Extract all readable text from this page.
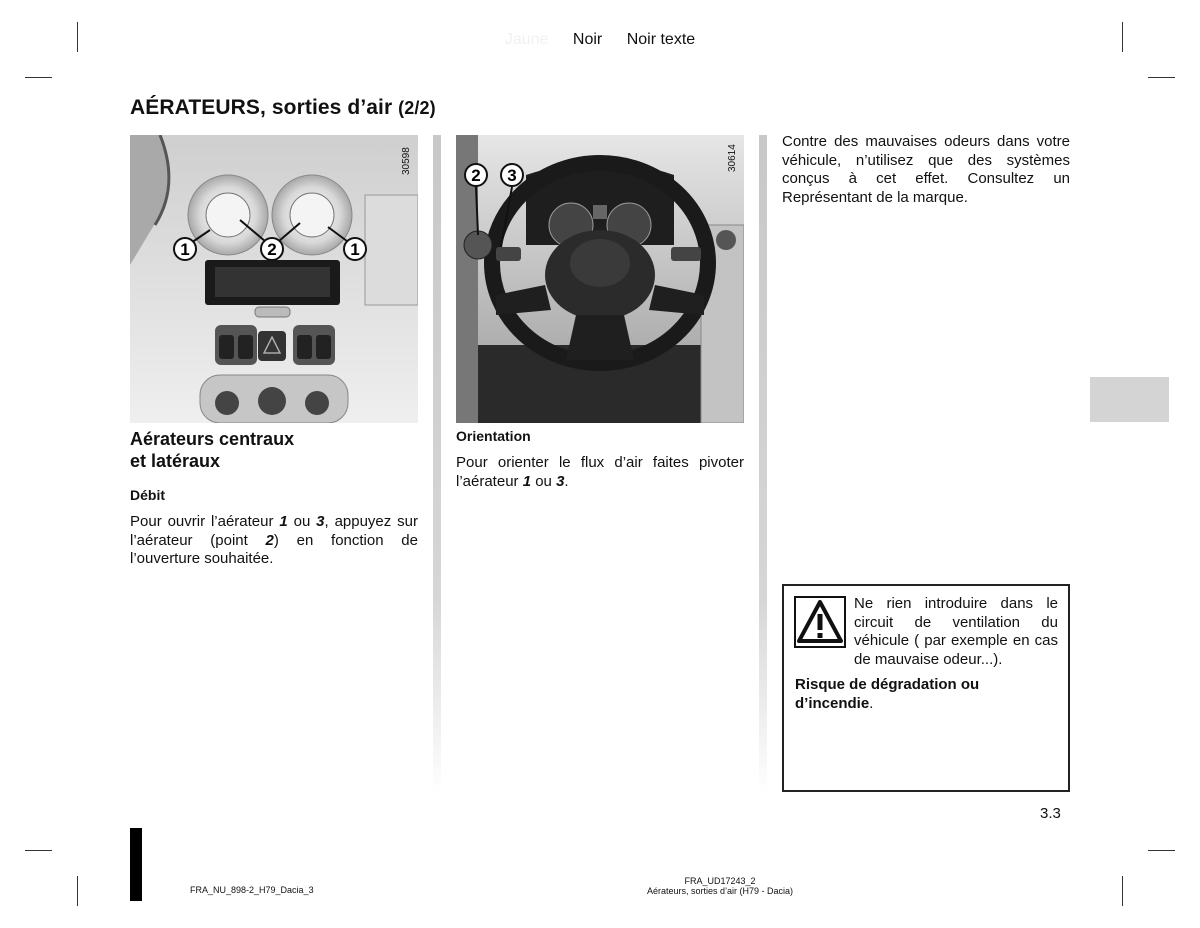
Jaune Noir Noir texte
AÉRATEURS, sorties d’air (2/2)
1	2	1
30598
2 3
30614
Aérateurs centraux
et latéraux
Débit
Pour ouvrir l’aérateur 1 ou 3, appuyez sur l’aérateur (point 2) en fonction de l’ouverture souhaitée.
Orientation
Pour orienter le flux d’air faites pivoter l’aérateur 1 ou 3.
Contre des mauvaises odeurs dans votre véhicule, n’utilisez que des systèmes conçus à cet effet. Consultez un Représentant de la marque.
Ne rien introduire dans le circuit de ventilation du véhicule ( par exemple en cas de mauvaise odeur...).
Risque de dégradation ou d’incendie.
3.3
FRA_NU_898-2_H79_Dacia_3
FRA_UD17243_2
Aérateurs, sorties d’air (H79 - Dacia)
